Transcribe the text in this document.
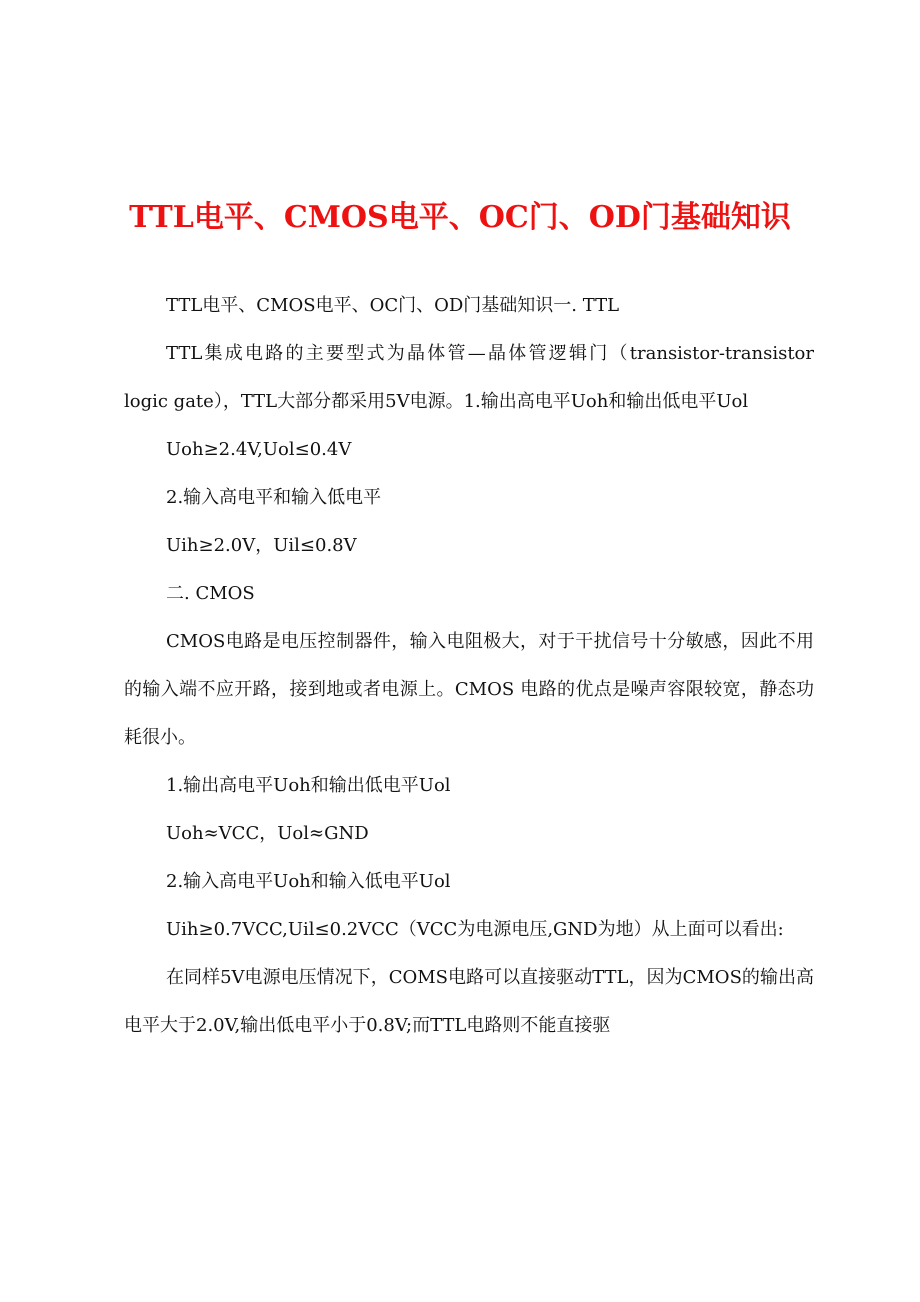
TTL电平、CMOS电平、OC门、OD门基础知识

TTL电平、CMOS电平、OC门、OD门基础知识一. TTL

TTL集成电路的主要型式为晶体管—晶体管逻辑门（transistor-transistor logic gate），TTL大部分都采用5V电源。1.输出高电平Uoh和输出低电平Uol

Uoh≥2.4V,Uol≤0.4V

2.输入高电平和输入低电平

Uih≥2.0V，Uil≤0.8V

二. CMOS

CMOS电路是电压控制器件，输入电阻极大，对于干扰信号十分敏感，因此不用的输入端不应开路，接到地或者电源上。CMOS 电路的优点是噪声容限较宽，静态功耗很小。

1.输出高电平Uoh和输出低电平Uol

Uoh≈VCC，Uol≈GND

2.输入高电平Uoh和输入低电平Uol

Uih≥0.7VCC,Uil≤0.2VCC（VCC为电源电压,GND为地）从上面可以看出:

在同样5V电源电压情况下，COMS电路可以直接驱动TTL，因为CMOS的输出高电平大于2.0V,输出低电平小于0.8V;而TTL电路则不能直接驱
